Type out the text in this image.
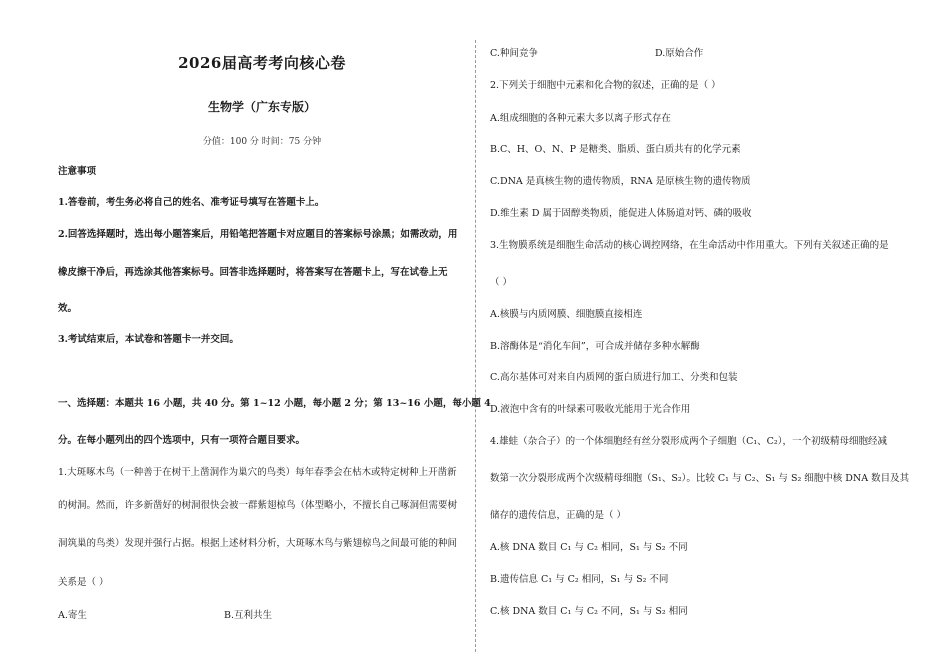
2026届高考考向核心卷
生物学（广东专版）
分值：100 分 时间：75 分钟
注意事项
1.答卷前，考生务必将自己的姓名、准考证号填写在答题卡上。
2.回答选择题时，选出每小题答案后，用铅笔把答题卡对应题目的答案标号涂黑；如需改动，用
橡皮擦干净后，再选涂其他答案标号。回答非选择题时，将答案写在答题卡上，写在试卷上无
效。
3.考试结束后，本试卷和答题卡一并交回。
一、选择题：本题共 16 小题，共 40 分。第 1~12 小题，每小题 2 分；第 13~16 小题，每小题 4
分。在每小题列出的四个选项中，只有一项符合题目要求。
1.大斑啄木鸟（一种善于在树干上凿洞作为巢穴的鸟类）每年春季会在枯木或特定树种上开凿新
的树洞。然而，许多新凿好的树洞很快会被一群紫翅椋鸟（体型略小，不擅长自己啄洞但需要树
洞筑巢的鸟类）发现并强行占据。根据上述材料分析，大斑啄木鸟与紫翅椋鸟之间最可能的种间
关系是（ ）
A.寄生	B.互利共生
C.种间竞争	D.原始合作
2.下列关于细胞中元素和化合物的叙述，正确的是（ ）
A.组成细胞的各种元素大多以离子形式存在
B.C、H、O、N、P 是糖类、脂质、蛋白质共有的化学元素
C.DNA 是真核生物的遗传物质，RNA 是原核生物的遗传物质
D.维生素 D 属于固醇类物质，能促进人体肠道对钙、磷的吸收
3.生物膜系统是细胞生命活动的核心调控网络，在生命活动中作用重大。下列有关叙述正确的是
（ ）
A.核膜与内质网膜、细胞膜直接相连
B.溶酶体是“消化车间”，可合成并储存多种水解酶
C.高尔基体可对来自内质网的蛋白质进行加工、分类和包装
D.液泡中含有的叶绿素可吸收光能用于光合作用
4.雄蛙（杂合子）的一个体细胞经有丝分裂形成两个子细胞（C₁、C₂），一个初级精母细胞经减
数第一次分裂形成两个次级精母细胞（S₁、S₂）。比较 C₁ 与 C₂、S₁ 与 S₂ 细胞中核 DNA 数目及其
储存的遗传信息，正确的是（ ）
A.核 DNA 数目 C₁ 与 C₂ 相同，S₁ 与 S₂ 不同
B.遗传信息 C₁ 与 C₂ 相同，S₁ 与 S₂ 不同
C.核 DNA 数目 C₁ 与 C₂ 不同，S₁ 与 S₂ 相同
